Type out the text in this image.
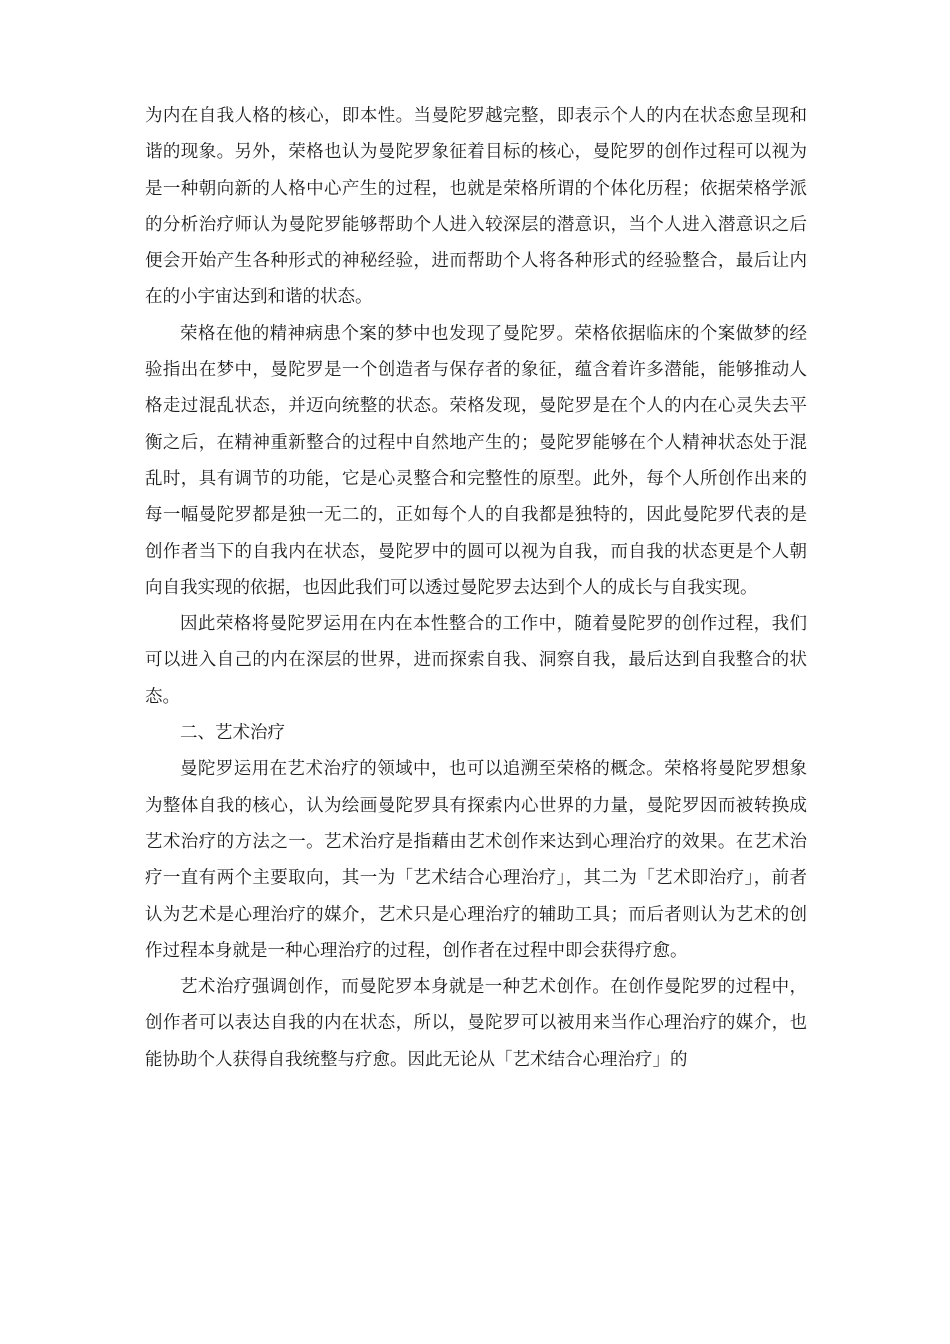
为内在自我人格的核心，即本性。当曼陀罗越完整，即表示个人的内在状态愈呈现和谐的现象。另外，荣格也认为曼陀罗象征着目标的核心，曼陀罗的创作过程可以视为是一种朝向新的人格中心产生的过程，也就是荣格所谓的个体化历程；依据荣格学派的分析治疗师认为曼陀罗能够帮助个人进入较深层的潜意识，当个人进入潜意识之后便会开始产生各种形式的神秘经验，进而帮助个人将各种形式的经验整合，最后让内在的小宇宙达到和谐的状态。

荣格在他的精神病患个案的梦中也发现了曼陀罗。荣格依据临床的个案做梦的经验指出在梦中，曼陀罗是一个创造者与保存者的象征，蕴含着许多潜能，能够推动人格走过混乱状态，并迈向统整的状态。荣格发现，曼陀罗是在个人的内在心灵失去平衡之后，在精神重新整合的过程中自然地产生的；曼陀罗能够在个人精神状态处于混乱时，具有调节的功能，它是心灵整合和完整性的原型。此外，每个人所创作出来的每一幅曼陀罗都是独一无二的，正如每个人的自我都是独特的，因此曼陀罗代表的是创作者当下的自我内在状态，曼陀罗中的圆可以视为自我，而自我的状态更是个人朝向自我实现的依据，也因此我们可以透过曼陀罗去达到个人的成长与自我实现。

因此荣格将曼陀罗运用在内在本性整合的工作中，随着曼陀罗的创作过程，我们可以进入自己的内在深层的世界，进而探索自我、洞察自我，最后达到自我整合的状态。

二、艺术治疗

曼陀罗运用在艺术治疗的领域中，也可以追溯至荣格的概念。荣格将曼陀罗想象为整体自我的核心，认为绘画曼陀罗具有探索内心世界的力量，曼陀罗因而被转换成艺术治疗的方法之一。艺术治疗是指藉由艺术创作来达到心理治疗的效果。在艺术治疗一直有两个主要取向，其一为「艺术结合心理治疗」，其二为「艺术即治疗」，前者认为艺术是心理治疗的媒介，艺术只是心理治疗的辅助工具；而后者则认为艺术的创作过程本身就是一种心理治疗的过程，创作者在过程中即会获得疗愈。

艺术治疗强调创作，而曼陀罗本身就是一种艺术创作。在创作曼陀罗的过程中，创作者可以表达自我的内在状态，所以，曼陀罗可以被用来当作心理治疗的媒介，也能协助个人获得自我统整与疗愈。因此无论从「艺术结合心理治疗」的
